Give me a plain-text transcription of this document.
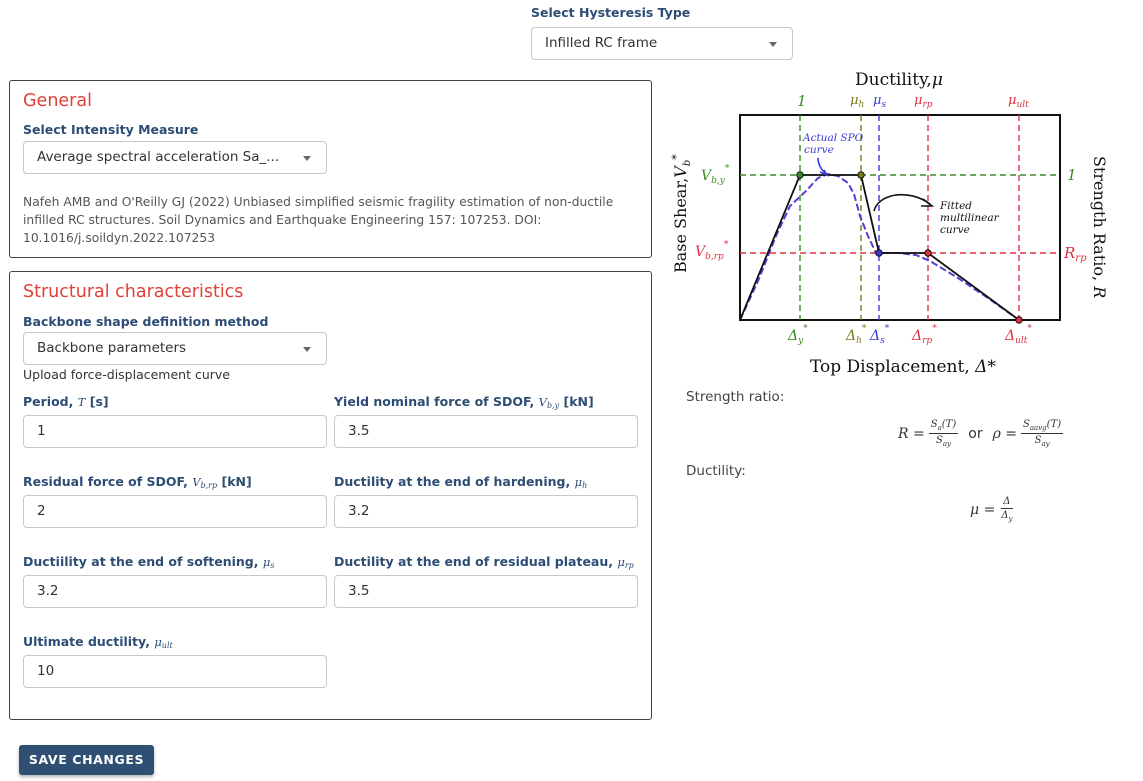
Select Hysteresis Type
Infilled RC frame
General
Select Intensity Measure
Average spectral acceleration Sa_...
Nafeh AMB and O'Reilly GJ (2022) Unbiased simplified seismic fragility estimation of non-ductile infilled RC structures. Soil Dynamics and Earthquake Engineering 157: 107253. DOI: 10.1016/j.soildyn.2022.107253
Structural characteristics
Backbone shape definition method
Backbone parameters
Upload force-displacement curve
Period, T [s]
1
Yield nominal force of SDOF, $V_{b,y}$ [kN]
3.5
Residual force of SDOF, $V_{b,rp}$ [kN]
2
Ductility at the end of hardening, $\mu_h$
3.2
Ductiility at the end of softening, $\mu_s$
3.2
Ductility at the end of residual plateau, $\mu_{rp}$
3.5
Ultimate ductility, $\mu_{ult}$
10
SAVE CHANGES
Actual SPO
curve
Fitted
multilinear
curve
Ductility,μ
1	$\mu_h$ $\mu_s$ $\mu_{rp}$	$\mu_{ult}$
$\Delta_y^*$	$\Delta_h^*$ $\Delta_s^*$ $\Delta_{rp}^*$	$\Delta_{ult}^*$
Top Displacement, Δ*
$V_{b,y}^*$
$V_{b,rp}^*$
1
$R_{rp}$
Base $Shear,V_b^*$	Strength Ratio, R
Strength ratio:
R
= $\frac{S_a(T)}{S_{ay}}$ or ρ
= $\frac{S_{aavg}(T)}{S_{ay}}$
Ductility:
μ
= $\frac{\Delta}{\Delta_y}$
